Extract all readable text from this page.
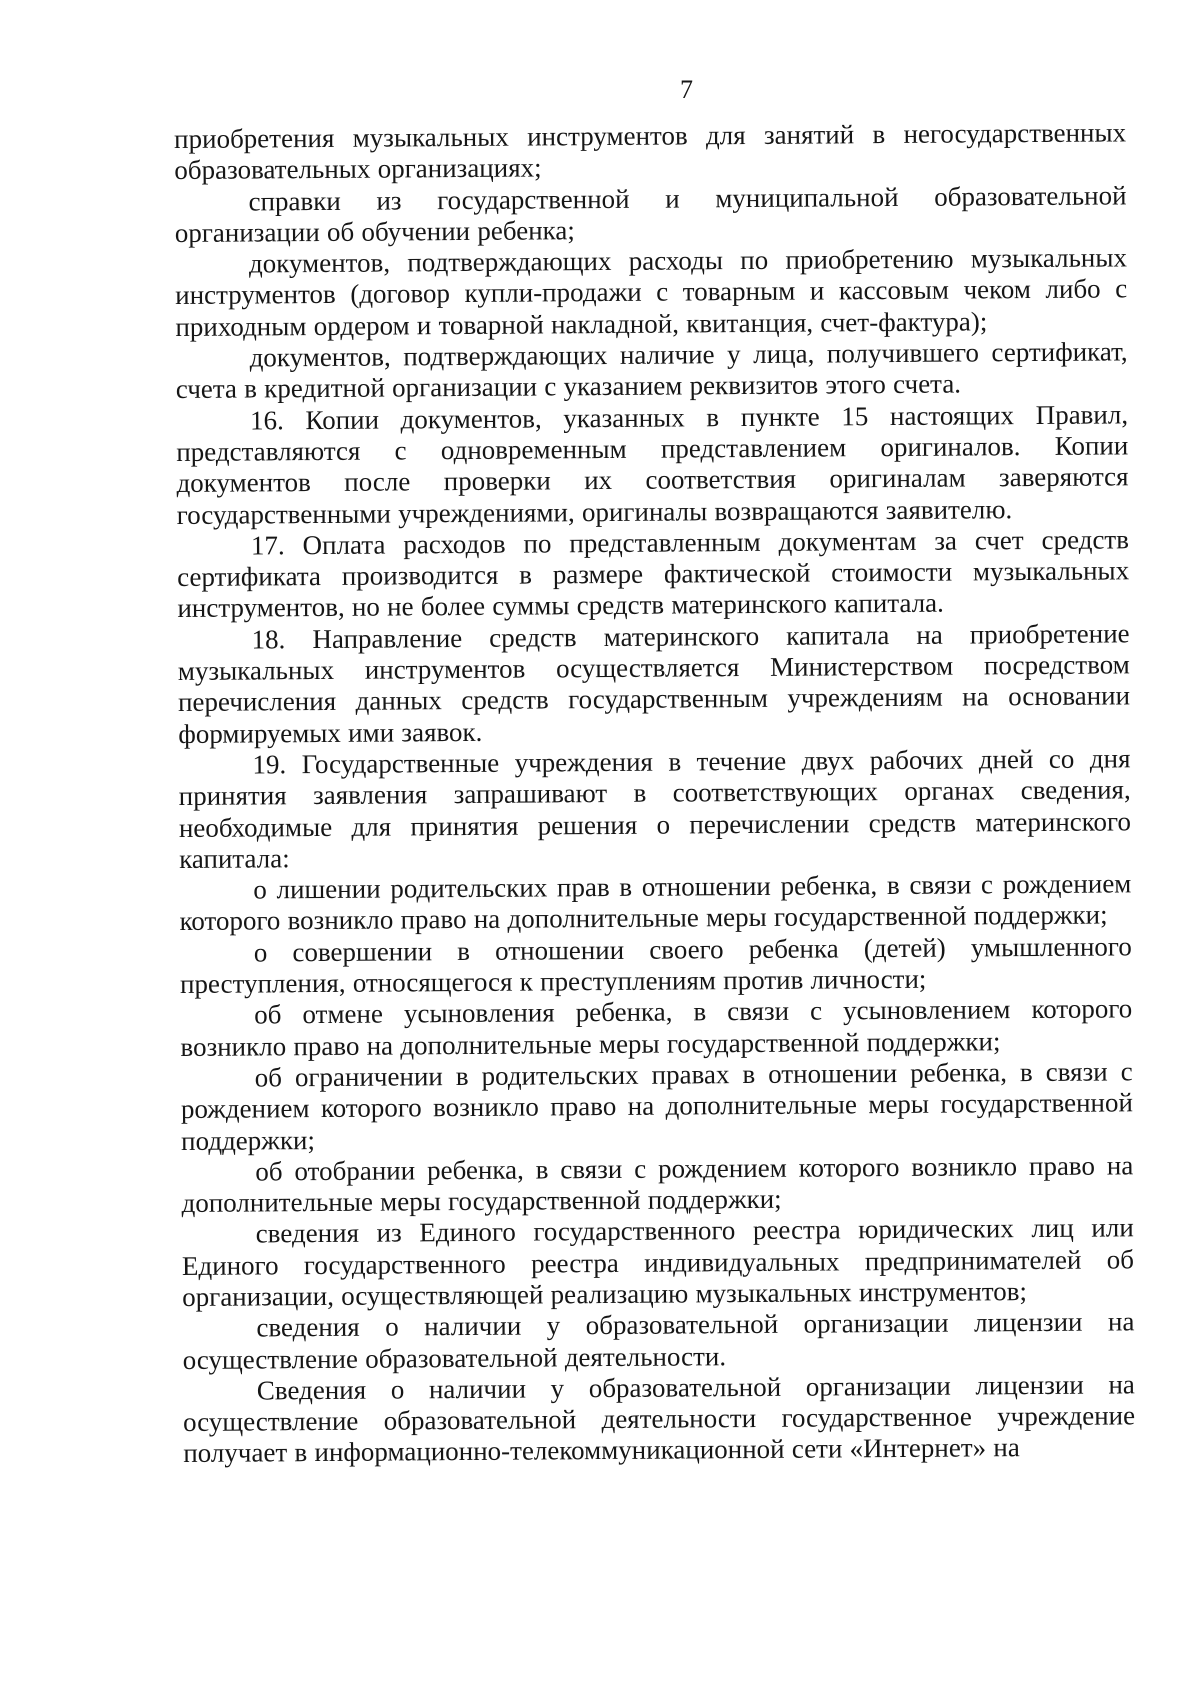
7

приобретения музыкальных инструментов для занятий в негосударственных образовательных организациях;

справки из государственной и муниципальной образовательной организации об обучении ребенка;

документов, подтверждающих расходы по приобретению музыкальных инструментов (договор купли-продажи с товарным и кассовым чеком либо с приходным ордером и товарной накладной, квитанция, счет-фактура);

документов, подтверждающих наличие у лица, получившего сертификат, счета в кредитной организации с указанием реквизитов этого счета.

16. Копии документов, указанных в пункте 15 настоящих Правил, представляются с одновременным представлением оригиналов. Копии документов после проверки их соответствия оригиналам заверяются государственными учреждениями, оригиналы возвращаются заявителю.

17. Оплата расходов по представленным документам за счет средств сертификата производится в размере фактической стоимости музыкальных инструментов, но не более суммы средств материнского капитала.

18. Направление средств материнского капитала на приобретение музыкальных инструментов осуществляется Министерством посредством перечисления данных средств государственным учреждениям на основании формируемых ими заявок.

19. Государственные учреждения в течение двух рабочих дней со дня принятия заявления запрашивают в соответствующих органах сведения, необходимые для принятия решения о перечислении средств материнского капитала:

о лишении родительских прав в отношении ребенка, в связи с рождением которого возникло право на дополнительные меры государственной поддержки;

о совершении в отношении своего ребенка (детей) умышленного преступления, относящегося к преступлениям против личности;

об отмене усыновления ребенка, в связи с усыновлением которого возникло право на дополнительные меры государственной поддержки;

об ограничении в родительских правах в отношении ребенка, в связи с рождением которого возникло право на дополнительные меры государственной поддержки;

об отобрании ребенка, в связи с рождением которого возникло право на дополнительные меры государственной поддержки;

сведения из Единого государственного реестра юридических лиц или Единого государственного реестра индивидуальных предпринимателей об организации, осуществляющей реализацию музыкальных инструментов;

сведения о наличии у образовательной организации лицензии на осуществление образовательной деятельности.

Сведения о наличии у образовательной организации лицензии на осуществление образовательной деятельности государственное учреждение получает в информационно-телекоммуникационной сети «Интернет» на
